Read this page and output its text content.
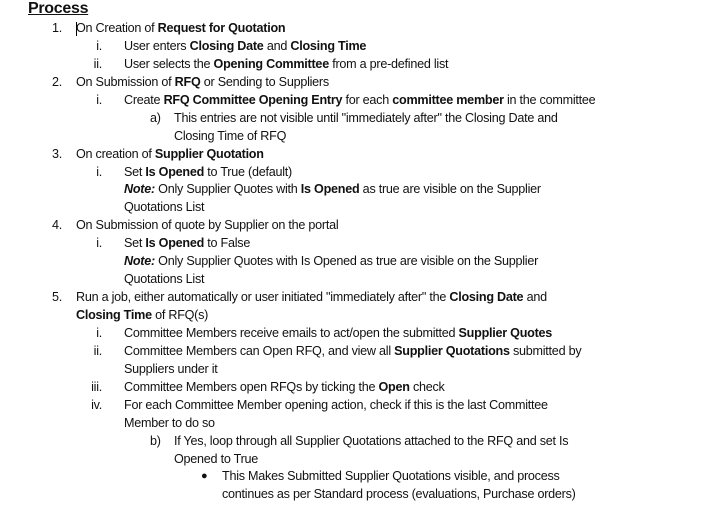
Process
1. On Creation of Request for Quotation
i. User enters Closing Date and Closing Time
ii. User selects the Opening Committee from a pre-defined list
2. On Submission of RFQ or Sending to Suppliers
i. Create RFQ Committee Opening Entry for each committee member in the committee
a) This entries are not visible until "immediately after" the Closing Date and
Closing Time of RFQ
3. On creation of Supplier Quotation
i. Set Is Opened to True (default)
Note: Only Supplier Quotes with Is Opened as true are visible on the Supplier
Quotations List
4. On Submission of quote by Supplier on the portal
i. Set Is Opened to False
Note: Only Supplier Quotes with Is Opened as true are visible on the Supplier
Quotations List
5. Run a job, either automatically or user initiated "immediately after" the Closing Date and
Closing Time of RFQ(s)
i. Committee Members receive emails to act/open the submitted Supplier Quotes
ii. Committee Members can Open RFQ, and view all Supplier Quotations submitted by
Suppliers under it
iii. Committee Members open RFQs by ticking the Open check
iv. For each Committee Member opening action, check if this is the last Committee
Member to do so
b) If Yes, loop through all Supplier Quotations attached to the RFQ and set Is
Opened to True
● This Makes Submitted Supplier Quotations visible, and process
continues as per Standard process (evaluations, Purchase orders)
